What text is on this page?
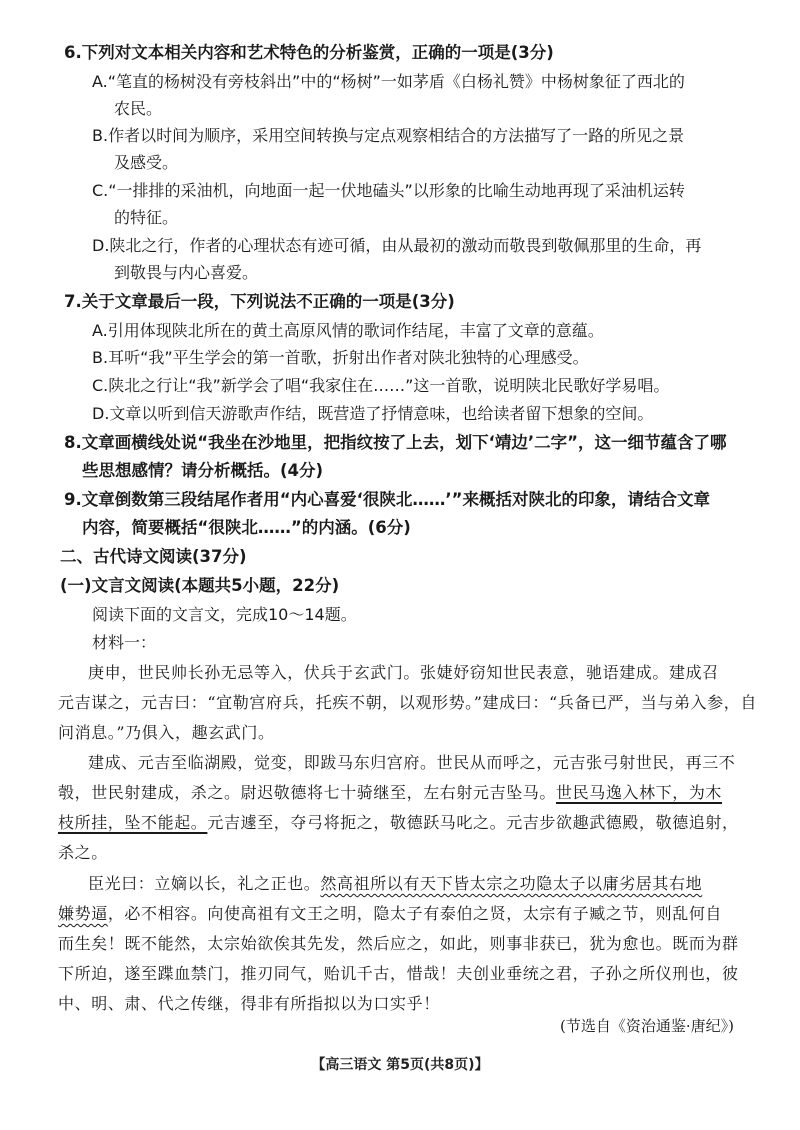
6.下列对文本相关内容和艺术特色的分析鉴赏，正确的一项是(3分)
A.“笔直的杨树没有旁枝斜出”中的“杨树”一如茅盾《白杨礼赞》中杨树象征了西北的
农民。
B.作者以时间为顺序，采用空间转换与定点观察相结合的方法描写了一路的所见之景
及感受。
C.“一排排的采油机，向地面一起一伏地磕头”以形象的比喻生动地再现了采油机运转
的特征。
D.陕北之行，作者的心理状态有迹可循，由从最初的激动而敬畏到敬佩那里的生命，再
到敬畏与内心喜爱。
7.关于文章最后一段，下列说法不正确的一项是(3分)
A.引用体现陕北所在的黄土高原风情的歌词作结尾，丰富了文章的意蕴。
B.耳听“我”平生学会的第一首歌，折射出作者对陕北独特的心理感受。
C.陕北之行让“我”新学会了唱“我家住在……”这一首歌，说明陕北民歌好学易唱。
D.文章以听到信天游歌声作结，既营造了抒情意味，也给读者留下想象的空间。
8.文章画横线处说“我坐在沙地里，把指纹按了上去，划下‘靖边’二字”，这一细节蕴含了哪
些思想感情？请分析概括。(4分)
9.文章倒数第三段结尾作者用“内心喜爱‘很陕北……’”来概括对陕北的印象，请结合文章
内容，简要概括“很陕北……”的内涵。(6分)
二、古代诗文阅读(37分)
(一)文言文阅读(本题共5小题，22分)
阅读下面的文言文，完成10～14题。
材料一：
庚申，世民帅长孙无忌等入，伏兵于玄武门。张婕妤窃知世民表意，驰语建成。建成召
元吉谋之，元吉曰：“宜勒宫府兵，托疾不朝，以观形势。”建成曰：“兵备已严，当与弟入参，自
问消息。”乃俱入，趣玄武门。
建成、元吉至临湖殿，觉变，即跋马东归宫府。世民从而呼之，元吉张弓射世民，再三不
彀，世民射建成，杀之。尉迟敬德将七十骑继至，左右射元吉坠马。世民马逸入林下，为木
枝所挂，坠不能起。元吉遽至，夺弓将扼之，敬德跃马叱之。元吉步欲趣武德殿，敬德追射，
杀之。
臣光曰：立嫡以长，礼之正也。然高祖所以有天下皆太宗之功隐太子以庸劣居其右地
嫌势逼，必不相容。向使高祖有文王之明，隐太子有泰伯之贤，太宗有子臧之节，则乱何自
而生矣！既不能然，太宗始欲俟其先发，然后应之，如此，则事非获已，犹为愈也。既而为群
下所迫，遂至蹀血禁门，推刃同气，贻讥千古，惜哉！夫创业垂统之君，子孙之所仪刑也，彼
中、明、肃、代之传继，得非有所指拟以为口实乎！
(节选自《资治通鉴·唐纪》)
【高三语文 第5页(共8页)】
